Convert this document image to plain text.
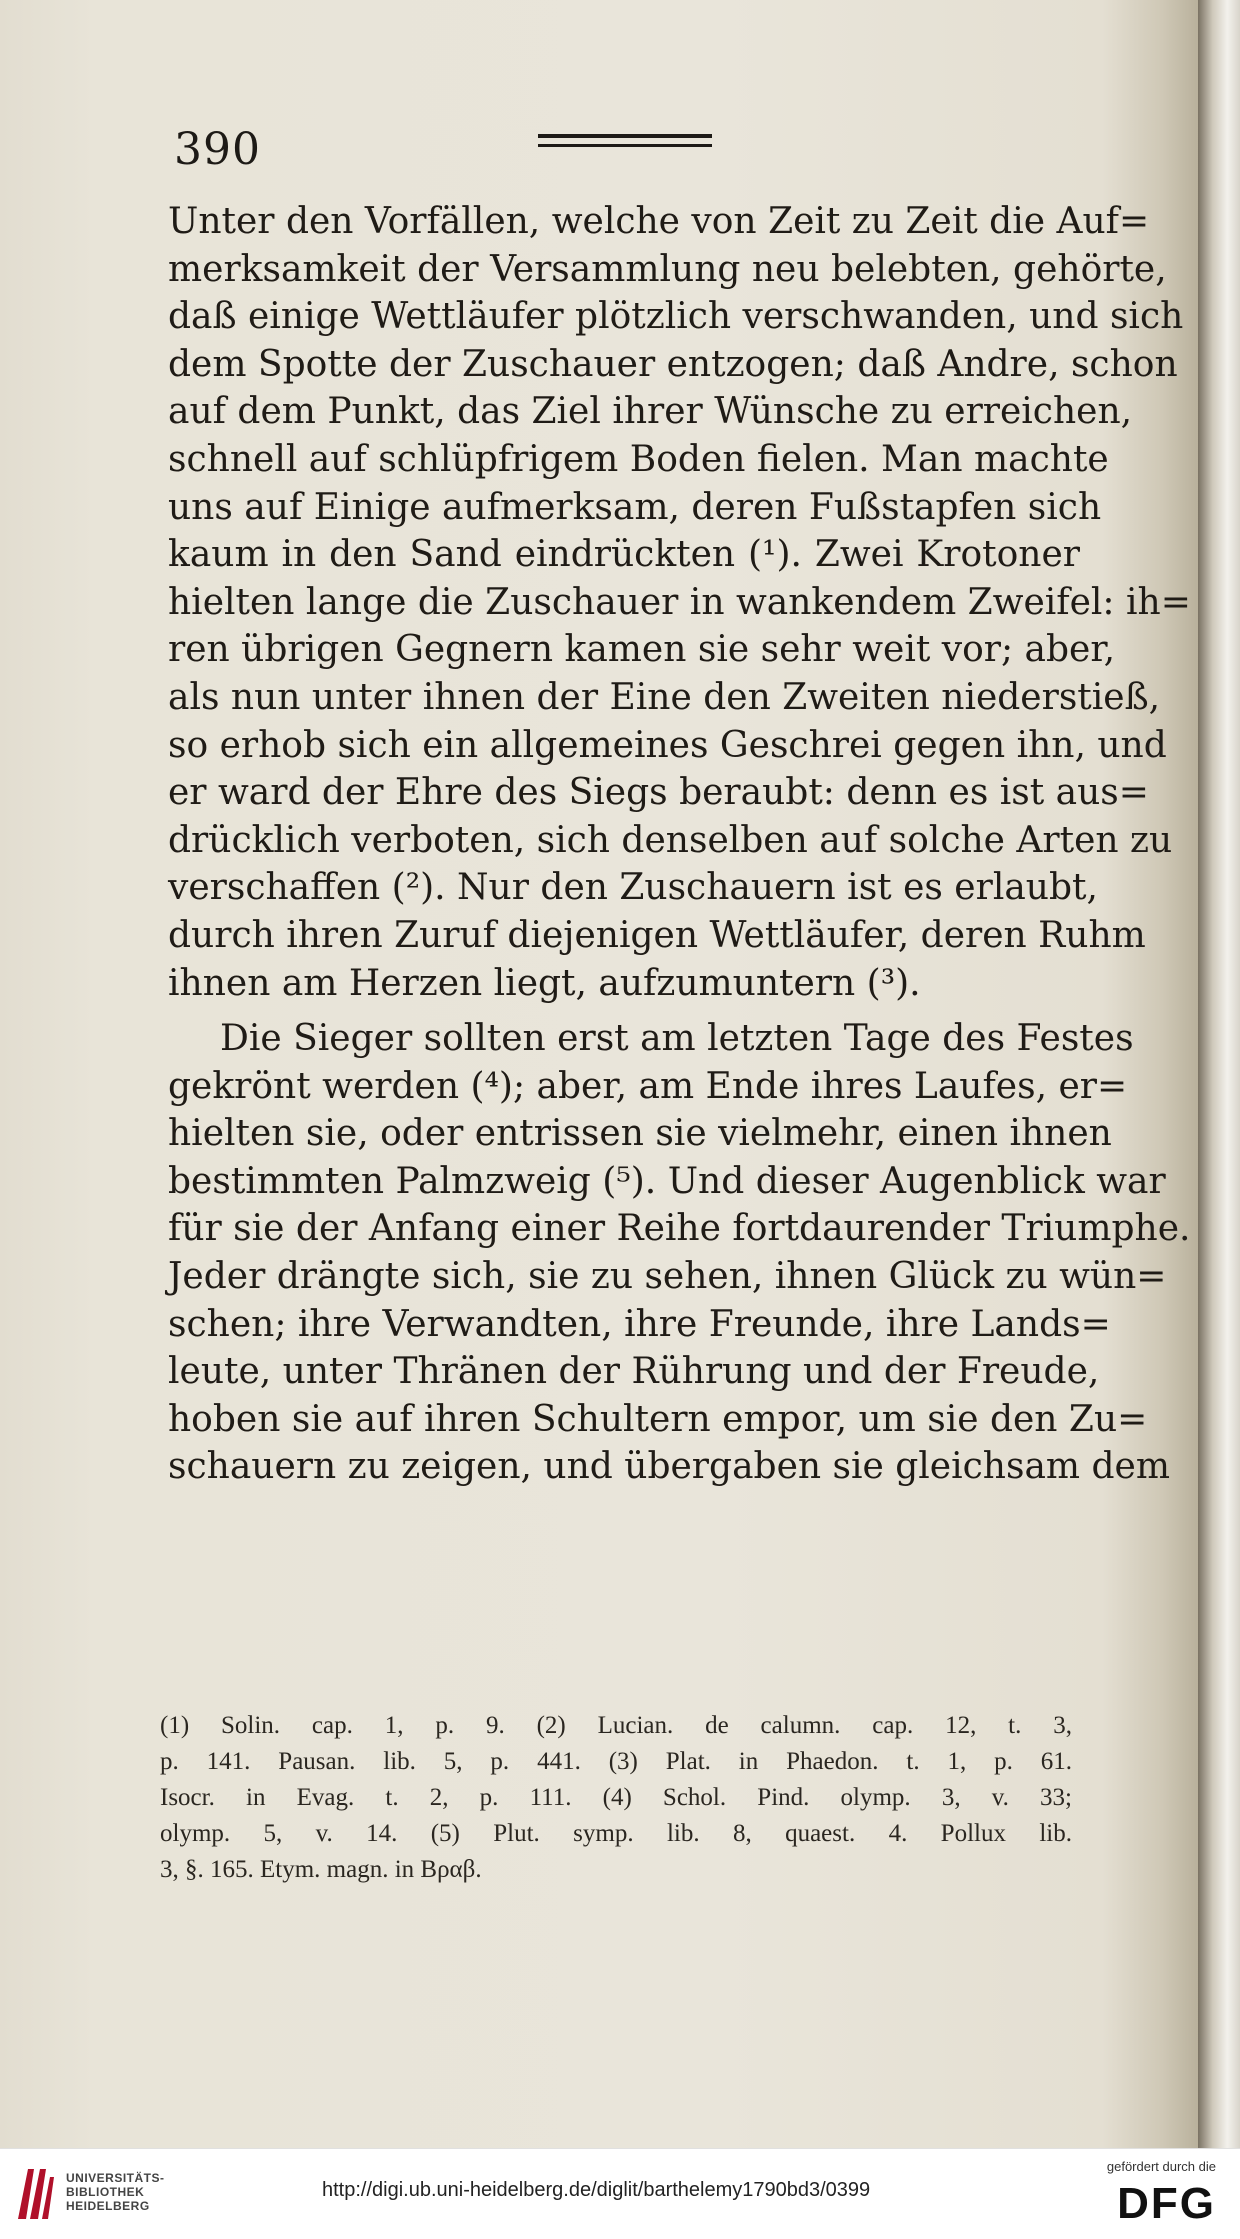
390
Unter den Vorfällen, welche von Zeit zu Zeit die Auf=
merksamkeit der Versammlung neu belebten, gehörte,
daß einige Wettläufer plötzlich verschwanden, und sich
dem Spotte der Zuschauer entzogen; daß Andre, schon
auf dem Punkt, das Ziel ihrer Wünsche zu erreichen,
schnell auf schlüpfrigem Boden fielen. Man machte
uns auf Einige aufmerksam, deren Fußstapfen sich
kaum in den Sand eindrückten (¹). Zwei Krotoner
hielten lange die Zuschauer in wankendem Zweifel: ih=
ren übrigen Gegnern kamen sie sehr weit vor; aber,
als nun unter ihnen der Eine den Zweiten niederstieß,
so erhob sich ein allgemeines Geschrei gegen ihn, und
er ward der Ehre des Siegs beraubt: denn es ist aus=
drücklich verboten, sich denselben auf solche Arten zu
verschaffen (²). Nur den Zuschauern ist es erlaubt,
durch ihren Zuruf diejenigen Wettläufer, deren Ruhm
ihnen am Herzen liegt, aufzumuntern (³).
Die Sieger sollten erst am letzten Tage des Festes
gekrönt werden (⁴); aber, am Ende ihres Laufes, er=
hielten sie, oder entrissen sie vielmehr, einen ihnen
bestimmten Palmzweig (⁵). Und dieser Augenblick war
für sie der Anfang einer Reihe fortdaurender Triumphe.
Jeder drängte sich, sie zu sehen, ihnen Glück zu wün=
schen; ihre Verwandten, ihre Freunde, ihre Lands=
leute, unter Thränen der Rührung und der Freude,
hoben sie auf ihren Schultern empor, um sie den Zu=
schauern zu zeigen, und übergaben sie gleichsam dem
(1) Solin. cap. 1, p. 9. (2) Lucian. de calumn. cap. 12, t. 3,
p. 141. Pausan. lib. 5, p. 441. (3) Plat. in Phaedon. t. 1, p. 61.
Isocr. in Evag. t. 2, p. 111. (4) Schol. Pind. olymp. 3, v. 33;
olymp. 5, v. 14. (5) Plut. symp. lib. 8, quaest. 4. Pollux lib.
3, §. 165. Etym. magn. in Βραβ.
UNIVERSITÄTS-
BIBLIOTHEK
HEIDELBERG
http://digi.ub.uni-heidelberg.de/diglit/barthelemy1790bd3/0399
gefördert durch die
DFG
